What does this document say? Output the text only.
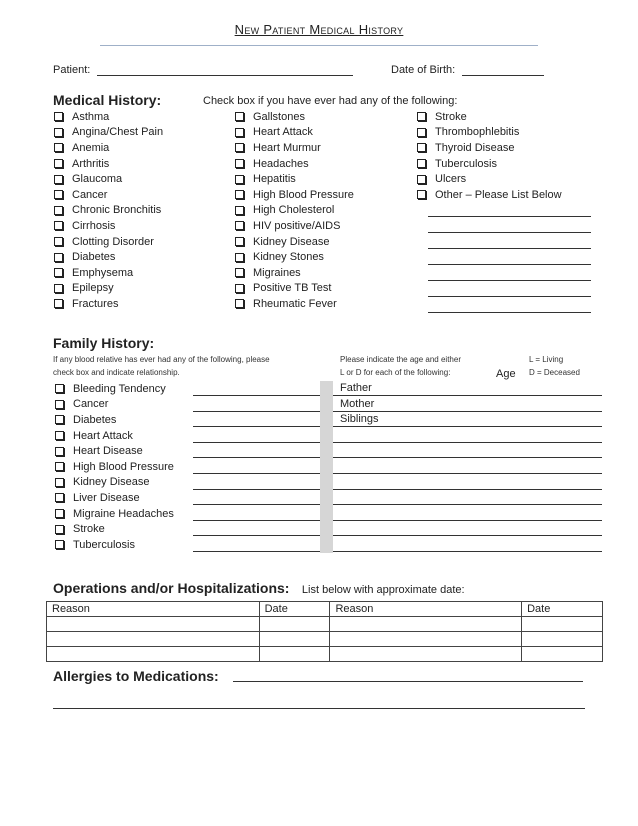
New Patient Medical History
Patient:	Date of Birth:
Medical History:	Check box if you have ever had any of the following:
Asthma
Angina/Chest Pain
Anemia
Arthritis
Glaucoma
Cancer
Chronic Bronchitis
Cirrhosis
Clotting Disorder
Diabetes
Emphysema
Epilepsy
Fractures
Gallstones
Heart Attack
Heart Murmur
Headaches
Hepatitis
High Blood Pressure
High Cholesterol
HIV positive/AIDS
Kidney Disease
Kidney Stones
Migraines
Positive TB Test
Rheumatic Fever
Stroke
Thrombophlebitis
Thyroid Disease
Tuberculosis
Ulcers
Other – Please List Below
Family History:
If any blood relative has ever had any of the following, please
check box and indicate relationship.
Please indicate the age and either
L or D for each of the following:	Age
L = Living
D = Deceased
Bleeding Tendency
Cancer
Diabetes
Heart Attack
Heart Disease
High Blood Pressure
Kidney Disease
Liver Disease
Migraine Headaches
Stroke
Tuberculosis
Father
Mother
Siblings
Operations and/or Hospitalizations: List below with approximate date:
Reason	Date	Reason	Date

Allergies to Medications:
